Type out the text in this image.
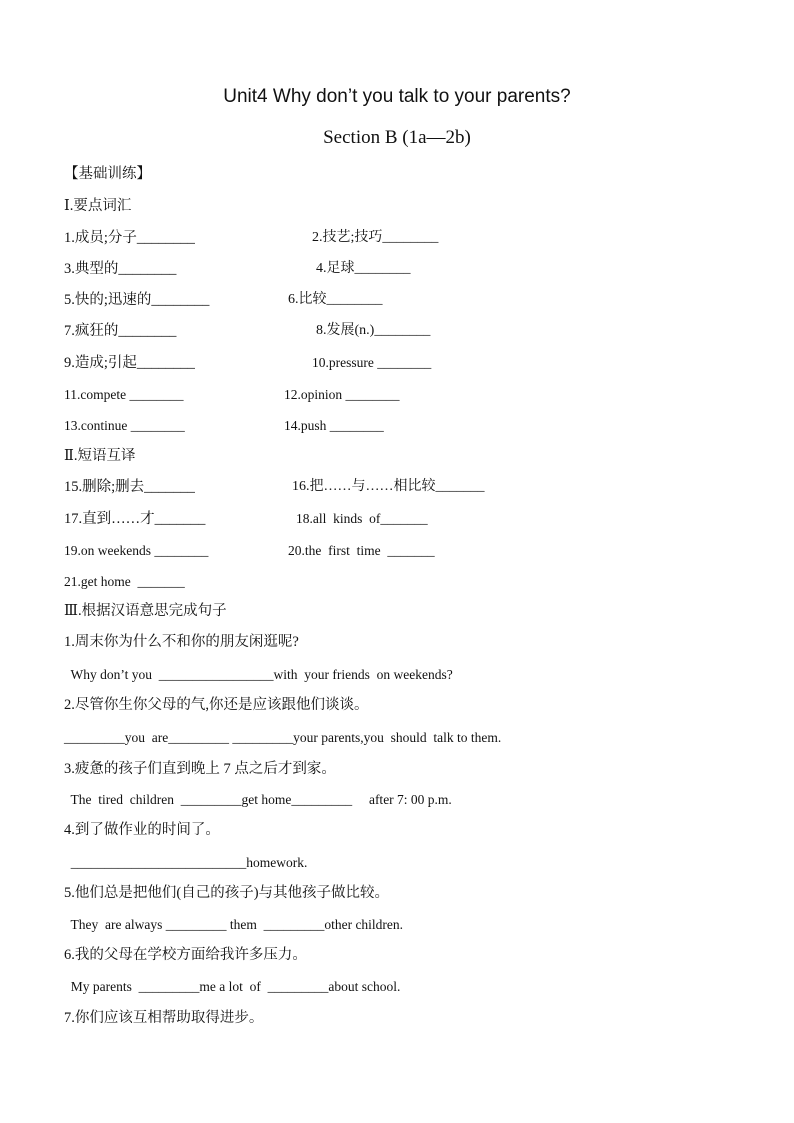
Unit4 Why don’t you talk to your parents?
Section B (1a—2b)
【基础训练】
Ⅰ.要点词汇
1.成员;分子________	2.技艺;技巧________
3.典型的________	4.足球________
5.快的;迅速的________	6.比较________
7.疯狂的________	8.发展(n.)________
9.造成;引起________	10.pressure ________
11.compete ________	12.opinion ________
13.continue ________	14.push ________
Ⅱ.短语互译
15.删除;删去_______	16.把……与……相比较_______
17.直到……才_______	18.all  kinds  of_______
19.on weekends ________	20.the  first  time  _______
21.get home  _______
Ⅲ.根据汉语意思完成句子
1.周末你为什么不和你的朋友闲逛呢?
Why don’t you  _________________with  your friends  on weekends?
2.尽管你生你父母的气,你还是应该跟他们谈谈。
_________you  are_________ _________your parents,you  should  talk to them.
3.疲惫的孩子们直到晚上 7 点之后才到家。
The  tired  children  _________get home_________     after 7: 00 p.m.
4.到了做作业的时间了。
__________________________homework.
5.他们总是把他们(自己的孩子)与其他孩子做比较。
They  are always _________ them  _________other children.
6.我的父母在学校方面给我许多压力。
My parents  _________me a lot  of  _________about school.
7.你们应该互相帮助取得进步。
